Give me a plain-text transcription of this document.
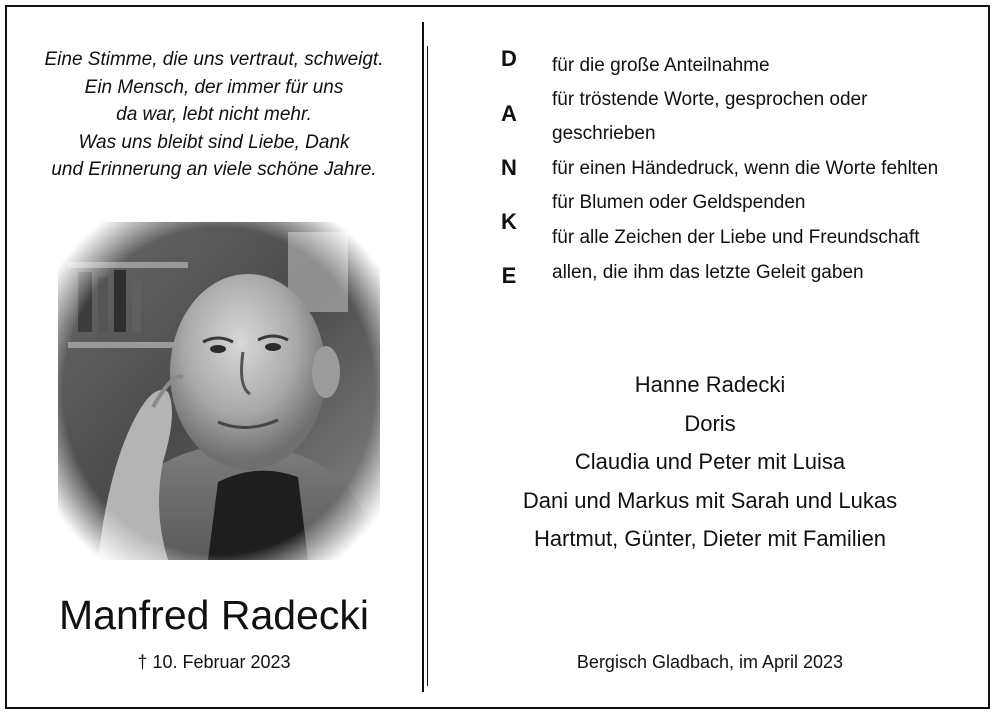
Eine Stimme, die uns vertraut, schweigt.
Ein Mensch, der immer für uns
da war, lebt nicht mehr.
Was uns bleibt sind Liebe, Dank
und Erinnerung an viele schöne Jahre.
Manfred Radecki
† 10. Februar 2023
D
A
N
K
E
für die große Anteilnahme
für tröstende Worte, gesprochen oder
geschrieben
für einen Händedruck, wenn die Worte fehlten
für Blumen oder Geldspenden
für alle Zeichen der Liebe und Freundschaft
allen, die ihm das letzte Geleit gaben
Hanne Radecki
Doris
Claudia und Peter mit Luisa
Dani und Markus mit Sarah und Lukas
Hartmut, Günter, Dieter mit Familien
Bergisch Gladbach, im April 2023
